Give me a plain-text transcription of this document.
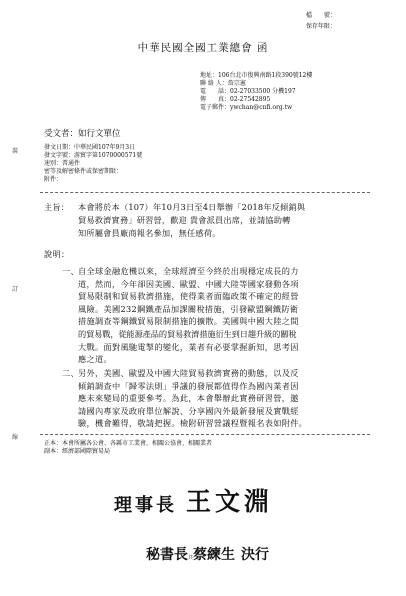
裝
訂
線
檔　　號：
保存年限：
中華民國全國工業總會 函
地址： 106台北市復興南路1段390號12樓
聯 絡 人： 詹宗憲
電　　話： 02-27033500 分機197
傳　　真： 02-27542895
電子郵件： ywchan@cnfi.org.tw
受文者：如行文單位
發文日期：中華民國107年9月3日
發文字號：游貿字第1070000571號
速別：普通件
密等及解密條件或保密期限：
附件：
主旨： 本會將於本（107）年10月3日至4日舉辦「2018年反傾銷與
貿易救濟實務」研習營，歡迎 貴會派員出席，並請協助轉
知所屬會員廠商報名參加，無任感荷。
說明：
一、 自全球金融危機以來，全球經濟至今終於出現穩定成長的力
道，然而，今年卻因美國、歐盟、中國大陸等國家發動各項
貿易限制和貿易救濟措施，使得業者面臨政策不確定的經營
風險。美國232鋼鐵產品加課關稅措施，引發歐盟鋼鐵防衛
措施調查等鋼鐵貿易限制措施的擴散。美國與中國大陸之間
的貿易戰，從能源產品的貿易救濟措施衍生到日趨升級的關稅
大戰。面對風馳電掣的變化，業者有必要掌握新知，思考因
應之道。
二、 另外，美國、歐盟及中國大陸貿易救濟實務的動態，以及反
傾銷調查中「歸零法則」爭議的發展都值得作為國內業者因
應未來變局的重要參考。為此，本會舉辦此實務研習營，邀
請國內專家及政府單位解說、分享國內外最新發展及實戰經
驗，機會難得，敬請把握。檢附研習營議程暨報名表如附件。
正本：本會所屬各公會、各縣市工業會、相關公協會、相關業者
副本：經濟部國際貿易局
理事長 王文淵
秘書長共蔡練生 決行
